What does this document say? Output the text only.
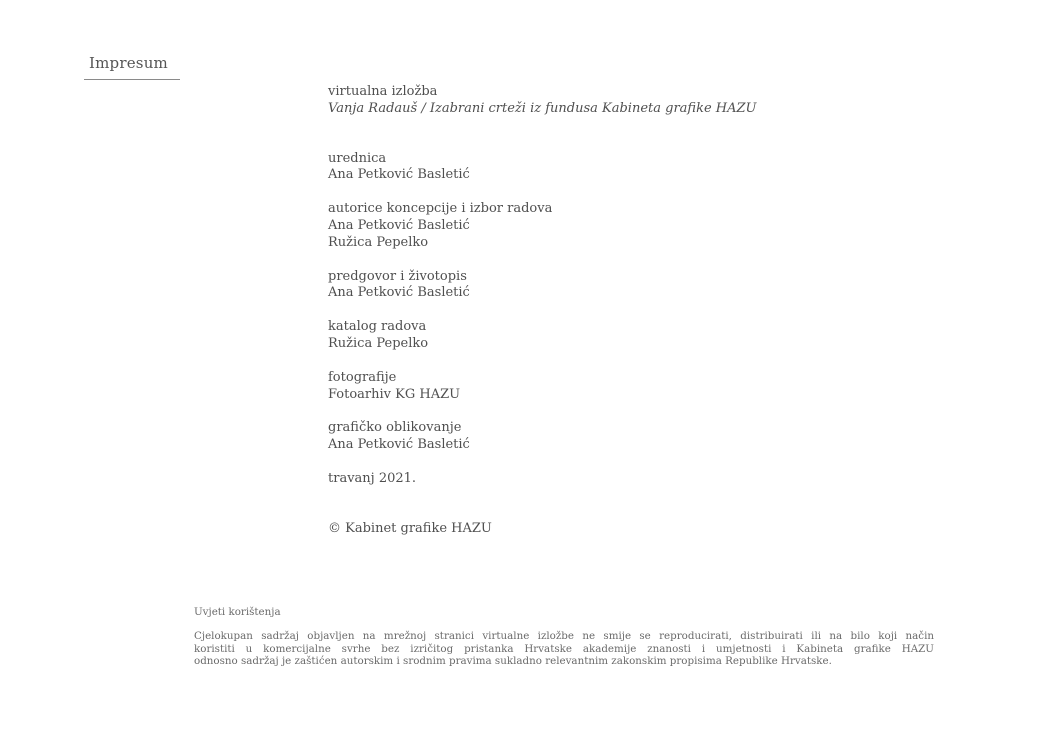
Impresum
virtualna izložba
Vanja Radauš / Izabrani crteži iz fundusa Kabineta grafike HAZU
urednica
Ana Petković Basletić
autorice koncepcije i izbor radova
Ana Petković Basletić
Ružica Pepelko
predgovor i životopis
Ana Petković Basletić
katalog radova
Ružica Pepelko
fotografije
Fotoarhiv KG HAZU
grafičko oblikovanje
Ana Petković Basletić
travanj 2021.
© Kabinet grafike HAZU
Uvjeti korištenja
Cjelokupan sadržaj objavljen na mrežnoj stranici virtualne izložbe ne smije se reproducirati, distribuirati ili na bilo koji način
koristiti u komercijalne svrhe bez izričitog pristanka Hrvatske akademije znanosti i umjetnosti i Kabineta grafike HAZU
odnosno sadržaj je zaštićen autorskim i srodnim pravima sukladno relevantnim zakonskim propisima Republike Hrvatske.
